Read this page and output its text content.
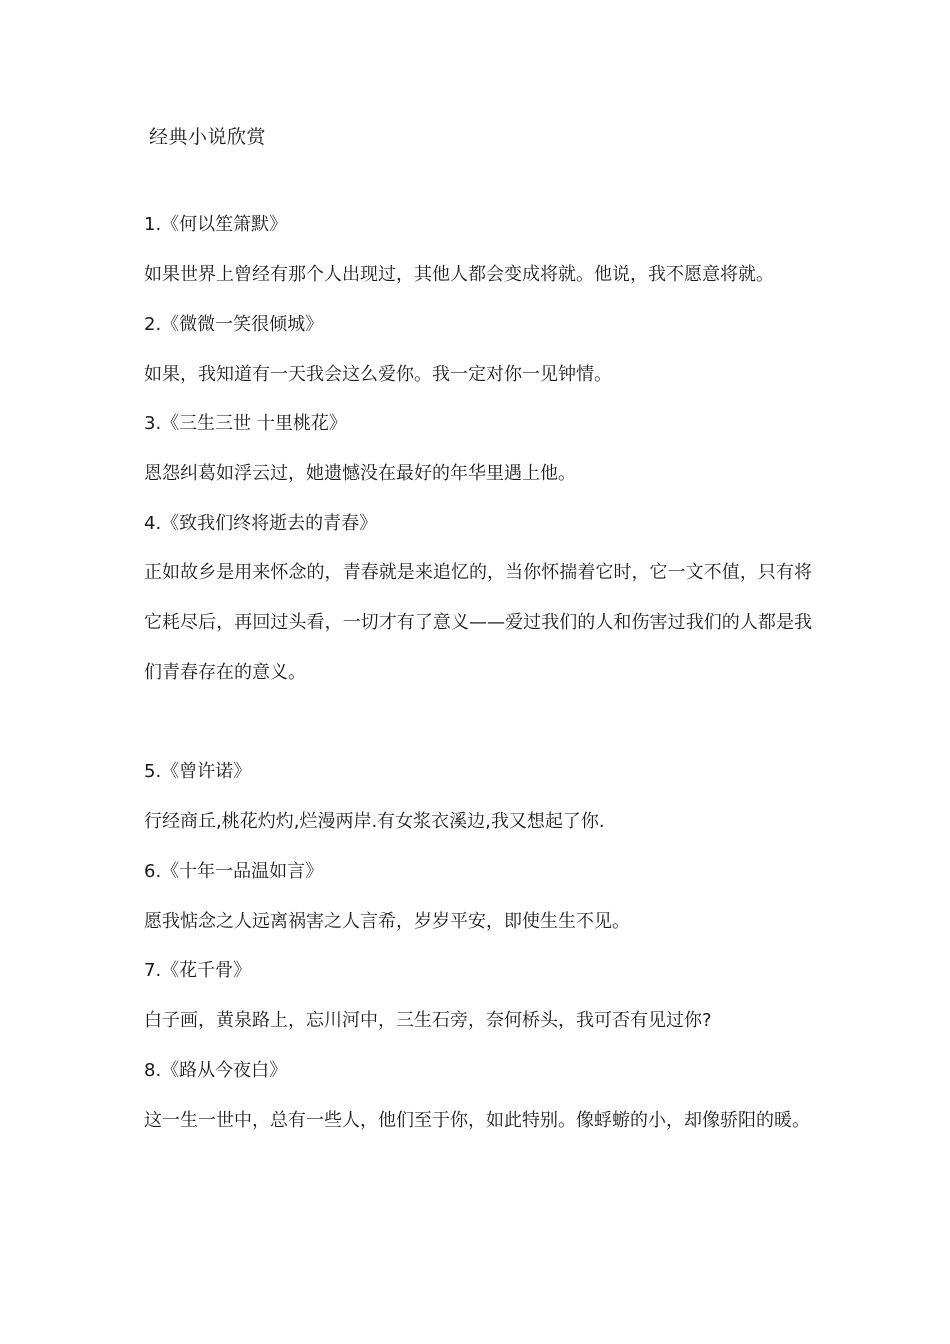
经典小说欣赏
1.《何以笙箫默》
如果世界上曾经有那个人出现过，其他人都会变成将就。他说，我不愿意将就。
2.《微微一笑很倾城》
如果，我知道有一天我会这么爱你。我一定对你一见钟情。
3.《三生三世 十里桃花》
恩怨纠葛如浮云过，她遗憾没在最好的年华里遇上他。
4.《致我们终将逝去的青春》
正如故乡是用来怀念的，青春就是来追忆的，当你怀揣着它时，它一文不值，只有将它耗尽后，再回过头看，一切才有了意义——爱过我们的人和伤害过我们的人都是我们青春存在的意义。
5.《曾许诺》
行经商丘,桃花灼灼,烂漫两岸.有女浆衣溪边,我又想起了你.
6.《十年一品温如言》
愿我惦念之人远离祸害之人言希，岁岁平安，即使生生不见。
7.《花千骨》
白子画，黄泉路上，忘川河中，三生石旁，奈何桥头，我可否有见过你?
8.《路从今夜白》
这一生一世中，总有一些人，他们至于你，如此特别。像蜉蝣的小，却像骄阳的暖。
